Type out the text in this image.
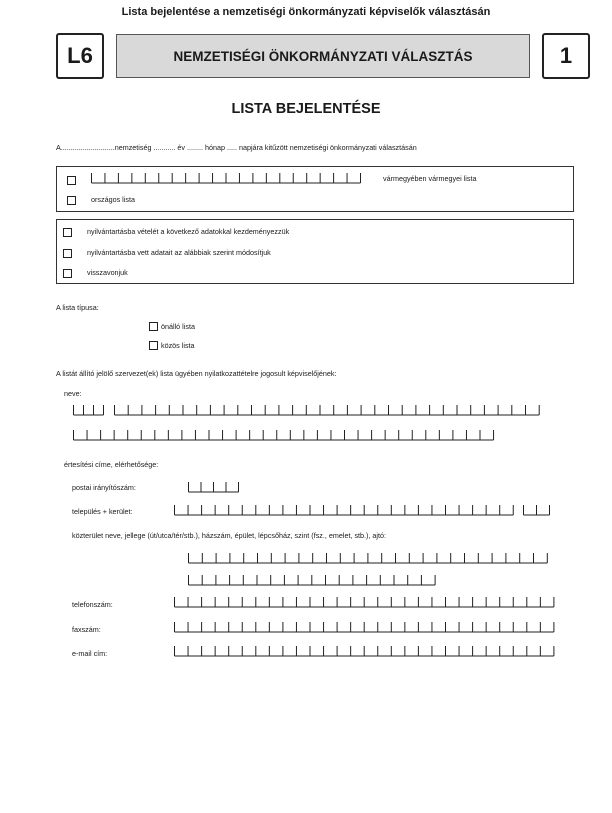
Lista bejelentése a nemzetiségi önkormányzati képviselők választásán
L6	NEMZETISÉGI ÖNKORMÁNYZATI VÁLASZTÁS	1
LISTA BEJELENTÉSE
A...........................nemzetiség ........... év ........ hónap ..... napjára kitűzött nemzetiségi önkormányzati választásán
vármegyében vármegyei lista
országos lista
nyilvántartásba vételét a következő adatokkal kezdeményezzük
nyilvántartásba vett adatait az alábbiak szerint módosítjuk
visszavonjuk
A lista típusa:
önálló lista
közös lista
A listát állító jelölő szervezet(ek) lista ügyében nyilatkozattételre jogosult képviselőjének:
neve:
értesítési címe, elérhetősége:
postai irányítószám:
település + kerület:
közterület neve, jellege (út/utca/tér/stb.), házszám, épület, lépcsőház, szint (fsz., emelet, stb.), ajtó:
telefonszám:
faxszám:
e-mail cím:
